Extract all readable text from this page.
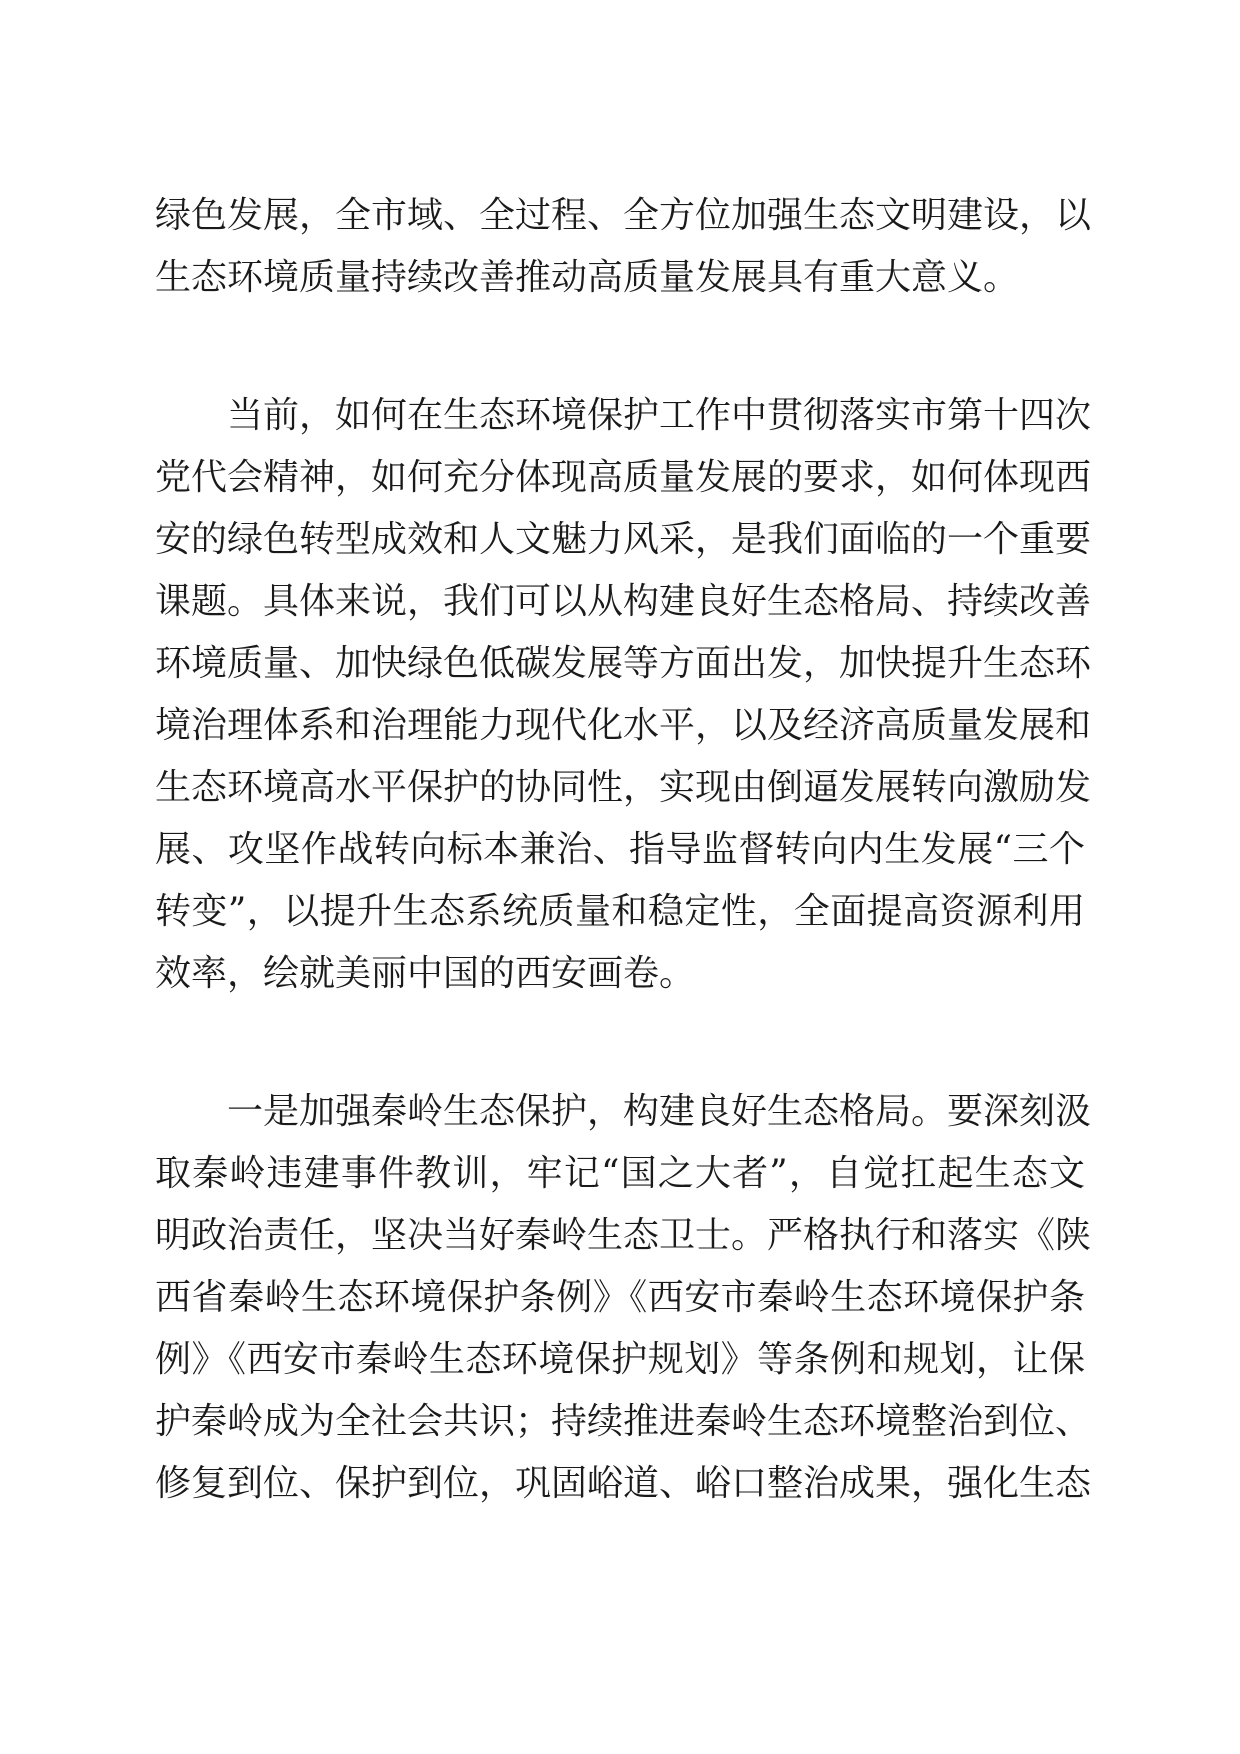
绿色发展，全市域、全过程、全方位加强生态文明建设，以
生态环境质量持续改善推动高质量发展具有重大意义。
当前，如何在生态环境保护工作中贯彻落实市第十四次
党代会精神，如何充分体现高质量发展的要求，如何体现西
安的绿色转型成效和人文魅力风采，是我们面临的一个重要
课题。具体来说，我们可以从构建良好生态格局、持续改善
环境质量、加快绿色低碳发展等方面出发，加快提升生态环
境治理体系和治理能力现代化水平，以及经济高质量发展和
生态环境高水平保护的协同性，实现由倒逼发展转向激励发
展、攻坚作战转向标本兼治、指导监督转向内生发展“三个
转变”，以提升生态系统质量和稳定性，全面提高资源利用
效率，绘就美丽中国的西安画卷。
一是加强秦岭生态保护，构建良好生态格局。要深刻汲
取秦岭违建事件教训，牢记“国之大者”，自觉扛起生态文
明政治责任，坚决当好秦岭生态卫士。严格执行和落实《陕
西省秦岭生态环境保护条例》《西安市秦岭生态环境保护条
例》《西安市秦岭生态环境保护规划》等条例和规划，让保
护秦岭成为全社会共识；持续推进秦岭生态环境整治到位、
修复到位、保护到位，巩固峪道、峪口整治成果，强化生态
